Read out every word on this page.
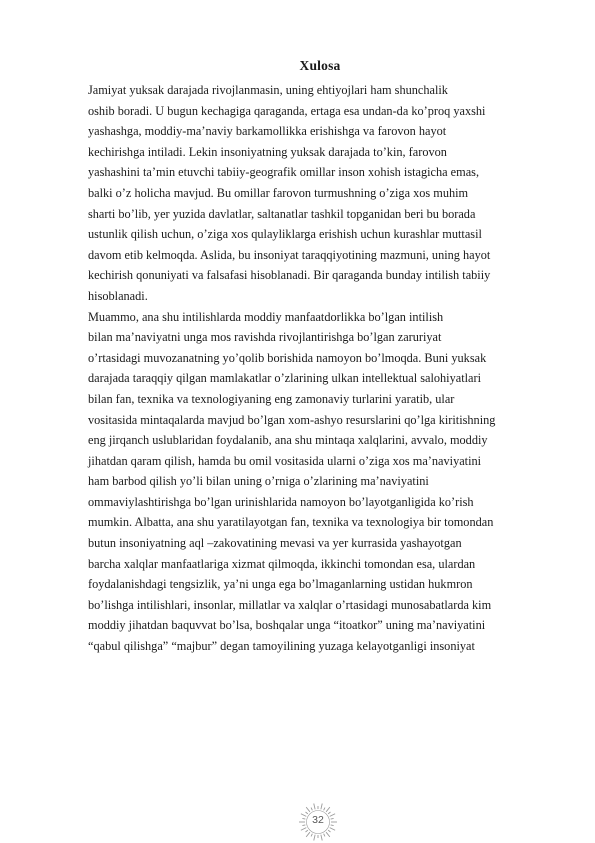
Xulosa
Jamiyat yuksak darajada rivojlanmasin, uning ehtiyojlari ham shunchalik
oshib boradi. U bugun kechagiga qaraganda, ertaga esa undan-da ko’proq yaxshi
yashashga, moddiy-ma’naviy barkamollikka erishishga va farovon hayot
kechirishga intiladi. Lekin insoniyatning yuksak darajada to’kin, farovon
yashashini ta’min etuvchi tabiiy-geografik omillar inson xohish istagicha emas,
balki o’z holicha mavjud. Bu omillar farovon turmushning o’ziga xos muhim
sharti bo’lib, yer yuzida davlatlar, saltanatlar tashkil topganidan beri bu borada
ustunlik qilish uchun, o’ziga xos qulayliklarga erishish uchun kurashlar muttasil
davom etib kelmoqda. Aslida, bu insoniyat taraqqiyotining mazmuni, uning hayot
kechirish qonuniyati va falsafasi hisoblanadi. Bir qaraganda bunday intilish tabiiy
hisoblanadi.
Muammo, ana shu intilishlarda moddiy manfaatdorlikka bo’lgan intilish
bilan ma’naviyatni unga mos ravishda rivojlantirishga bo’lgan zaruriyat
o’rtasidagi muvozanatning yo’qolib borishida namoyon bo’lmoqda. Buni yuksak
darajada taraqqiy qilgan mamlakatlar o’zlarining ulkan intellektual salohiyatlari
bilan fan, texnika va texnologiyaning eng zamonaviy turlarini yaratib, ular
vositasida mintaqalarda mavjud bo’lgan xom-ashyo resurslarini qo’lga kiritishning
eng jirqanch uslublaridan foydalanib, ana shu mintaqa xalqlarini, avvalo, moddiy
jihatdan qaram qilish, hamda bu omil vositasida ularni o’ziga xos ma’naviyatini
ham barbod qilish yo’li bilan uning o’rniga o’zlarining ma’naviyatini
ommaviylashtirishga bo’lgan urinishlarida namoyon bo’layotganligida ko’rish
mumkin. Albatta, ana shu yaratilayotgan fan, texnika va texnologiya bir tomondan
butun insoniyatning aql –zakovatining mevasi va yer kurrasida yashayotgan
barcha xalqlar manfaatlariga xizmat qilmoqda, ikkinchi tomondan esa, ulardan
foydalanishdagi tengsizlik, ya’ni unga ega bo’lmaganlarning ustidan hukmron
bo’lishga intilishlari, insonlar, millatlar va xalqlar o’rtasidagi munosabatlarda kim
moddiy jihatdan baquvvat bo’lsa, boshqalar unga “itoatkor” uning ma’naviyatini
“qabul qilishga” “majbur” degan tamoyilining yuzaga kelayotganligi insoniyat
32
